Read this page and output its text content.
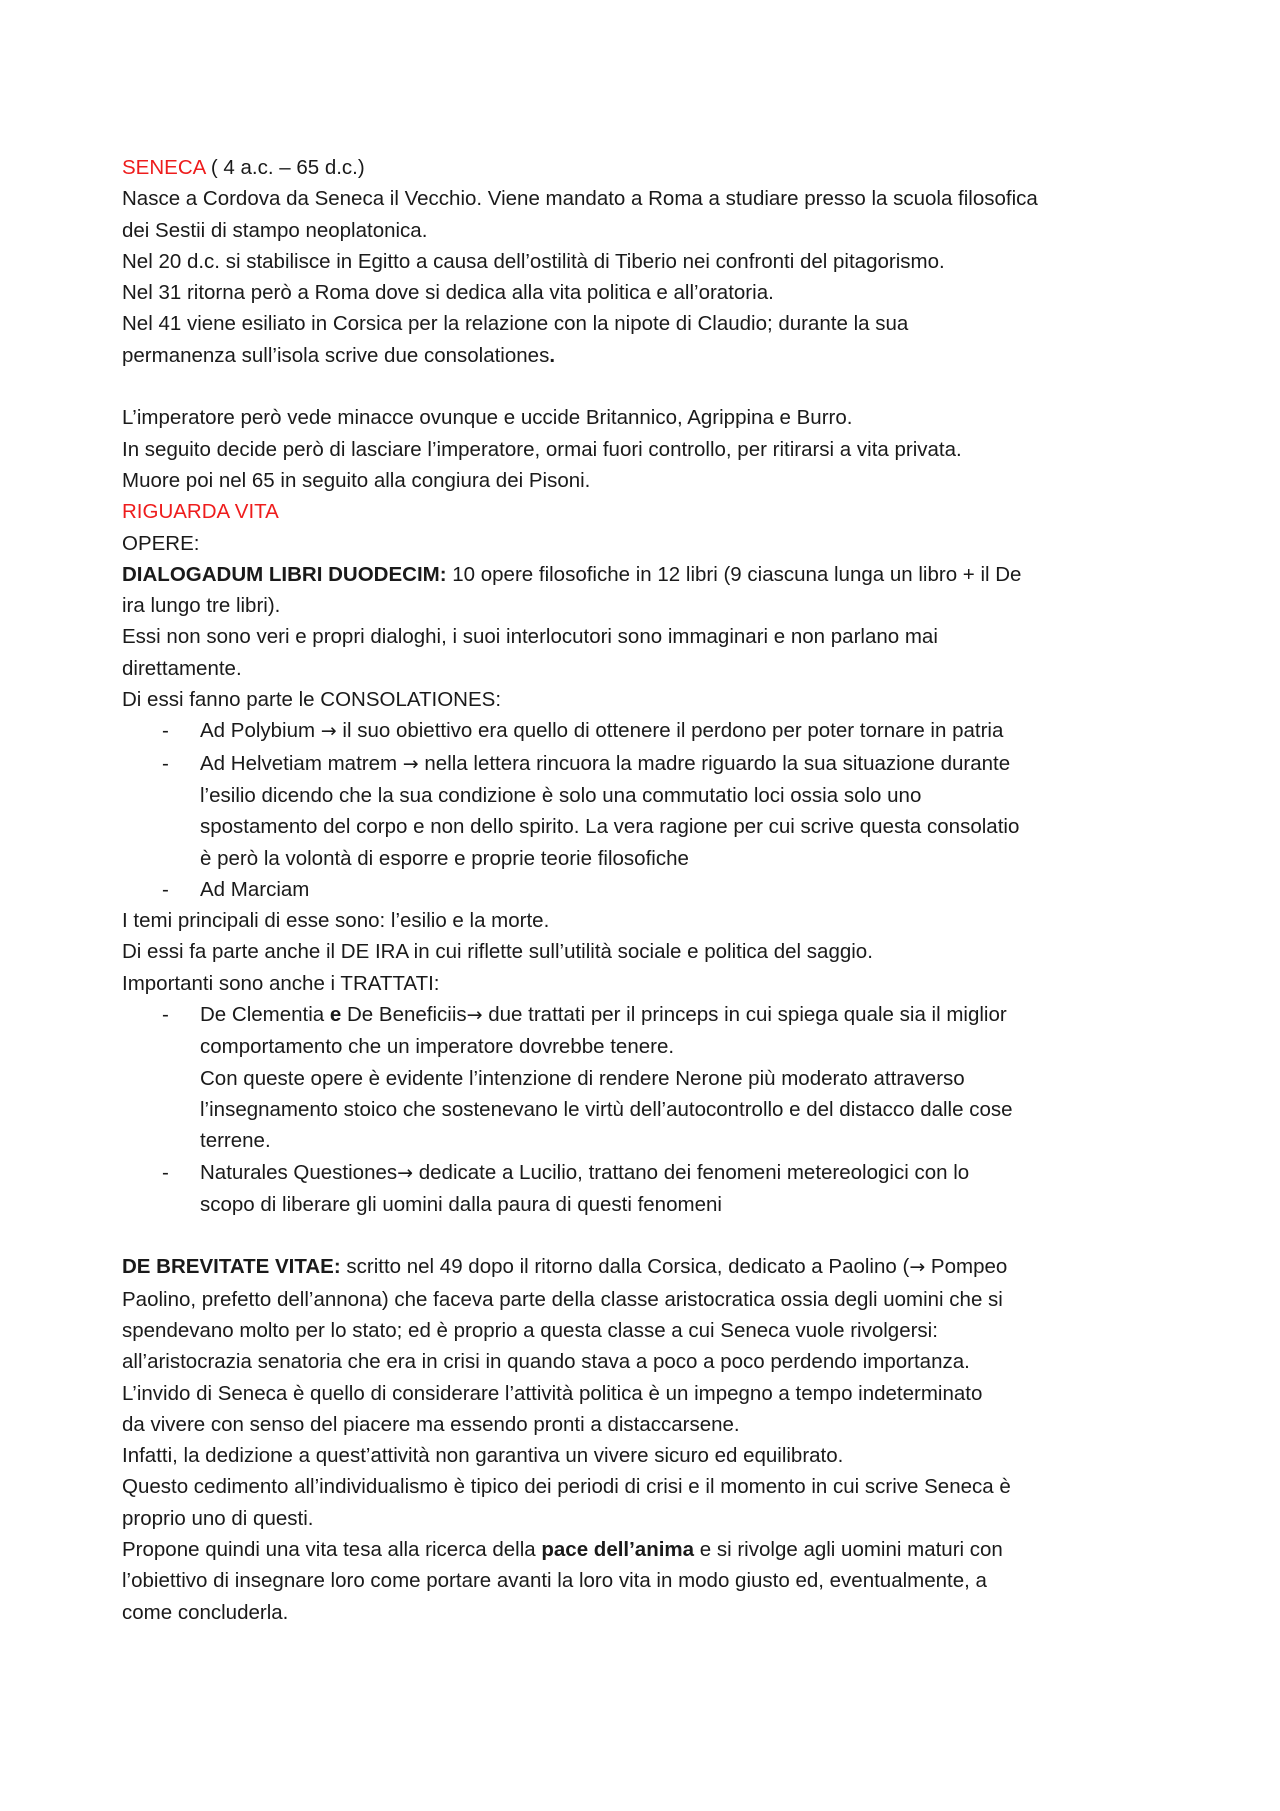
SENECA ( 4 a.c. – 65 d.c.)
Nasce a Cordova da Seneca il Vecchio. Viene mandato a Roma a studiare presso la scuola filosofica
dei Sestii di stampo neoplatonica.
Nel 20 d.c. si stabilisce in Egitto a causa dell’ostilità di Tiberio nei confronti del pitagorismo.
Nel 31 ritorna però a Roma dove si dedica alla vita politica e all’oratoria.
Nel 41 viene esiliato in Corsica per la relazione con la nipote di Claudio; durante la sua
permanenza sull’isola scrive due consolationes.
L’imperatore però vede minacce ovunque e uccide Britannico, Agrippina e Burro.
In seguito decide però di lasciare l’imperatore, ormai fuori controllo, per ritirarsi a vita privata.
Muore poi nel 65 in seguito alla congiura dei Pisoni.
RIGUARDA VITA
OPERE:
DIALOGADUM LIBRI DUODECIM: 10 opere filosofiche in 12 libri (9 ciascuna lunga un libro + il De
ira lungo tre libri).
Essi non sono veri e propri dialoghi, i suoi interlocutori sono immaginari e non parlano mai
direttamente.
Di essi fanno parte le CONSOLATIONES:
- Ad Polybium → il suo obiettivo era quello di ottenere il perdono per poter tornare in patria
- Ad Helvetiam matrem → nella lettera rincuora la madre riguardo la sua situazione durante
l’esilio dicendo che la sua condizione è solo una commutatio loci ossia solo uno
spostamento del corpo e non dello spirito. La vera ragione per cui scrive questa consolatio
è però la volontà di esporre e proprie teorie filosofiche
- Ad Marciam
I temi principali di esse sono: l’esilio e la morte.
Di essi fa parte anche il DE IRA in cui riflette sull’utilità sociale e politica del saggio.
Importanti sono anche i TRATTATI:
- De Clementia e De Beneficiis→ due trattati per il princeps in cui spiega quale sia il miglior
comportamento che un imperatore dovrebbe tenere.
Con queste opere è evidente l’intenzione di rendere Nerone più moderato attraverso
l’insegnamento stoico che sostenevano le virtù dell’autocontrollo e del distacco dalle cose
terrene.
- Naturales Questiones→ dedicate a Lucilio, trattano dei fenomeni metereologici con lo
scopo di liberare gli uomini dalla paura di questi fenomeni
DE BREVITATE VITAE: scritto nel 49 dopo il ritorno dalla Corsica, dedicato a Paolino (→ Pompeo
Paolino, prefetto dell’annona) che faceva parte della classe aristocratica ossia degli uomini che si
spendevano molto per lo stato; ed è proprio a questa classe a cui Seneca vuole rivolgersi:
all’aristocrazia senatoria che era in crisi in quando stava a poco a poco perdendo importanza.
L’invido di Seneca è quello di considerare l’attività politica è un impegno a tempo indeterminato
da vivere con senso del piacere ma essendo pronti a distaccarsene.
Infatti, la dedizione a quest’attività non garantiva un vivere sicuro ed equilibrato.
Questo cedimento all’individualismo è tipico dei periodi di crisi e il momento in cui scrive Seneca è
proprio uno di questi.
Propone quindi una vita tesa alla ricerca della pace dell’anima e si rivolge agli uomini maturi con
l’obiettivo di insegnare loro come portare avanti la loro vita in modo giusto ed, eventualmente, a
come concluderla.
